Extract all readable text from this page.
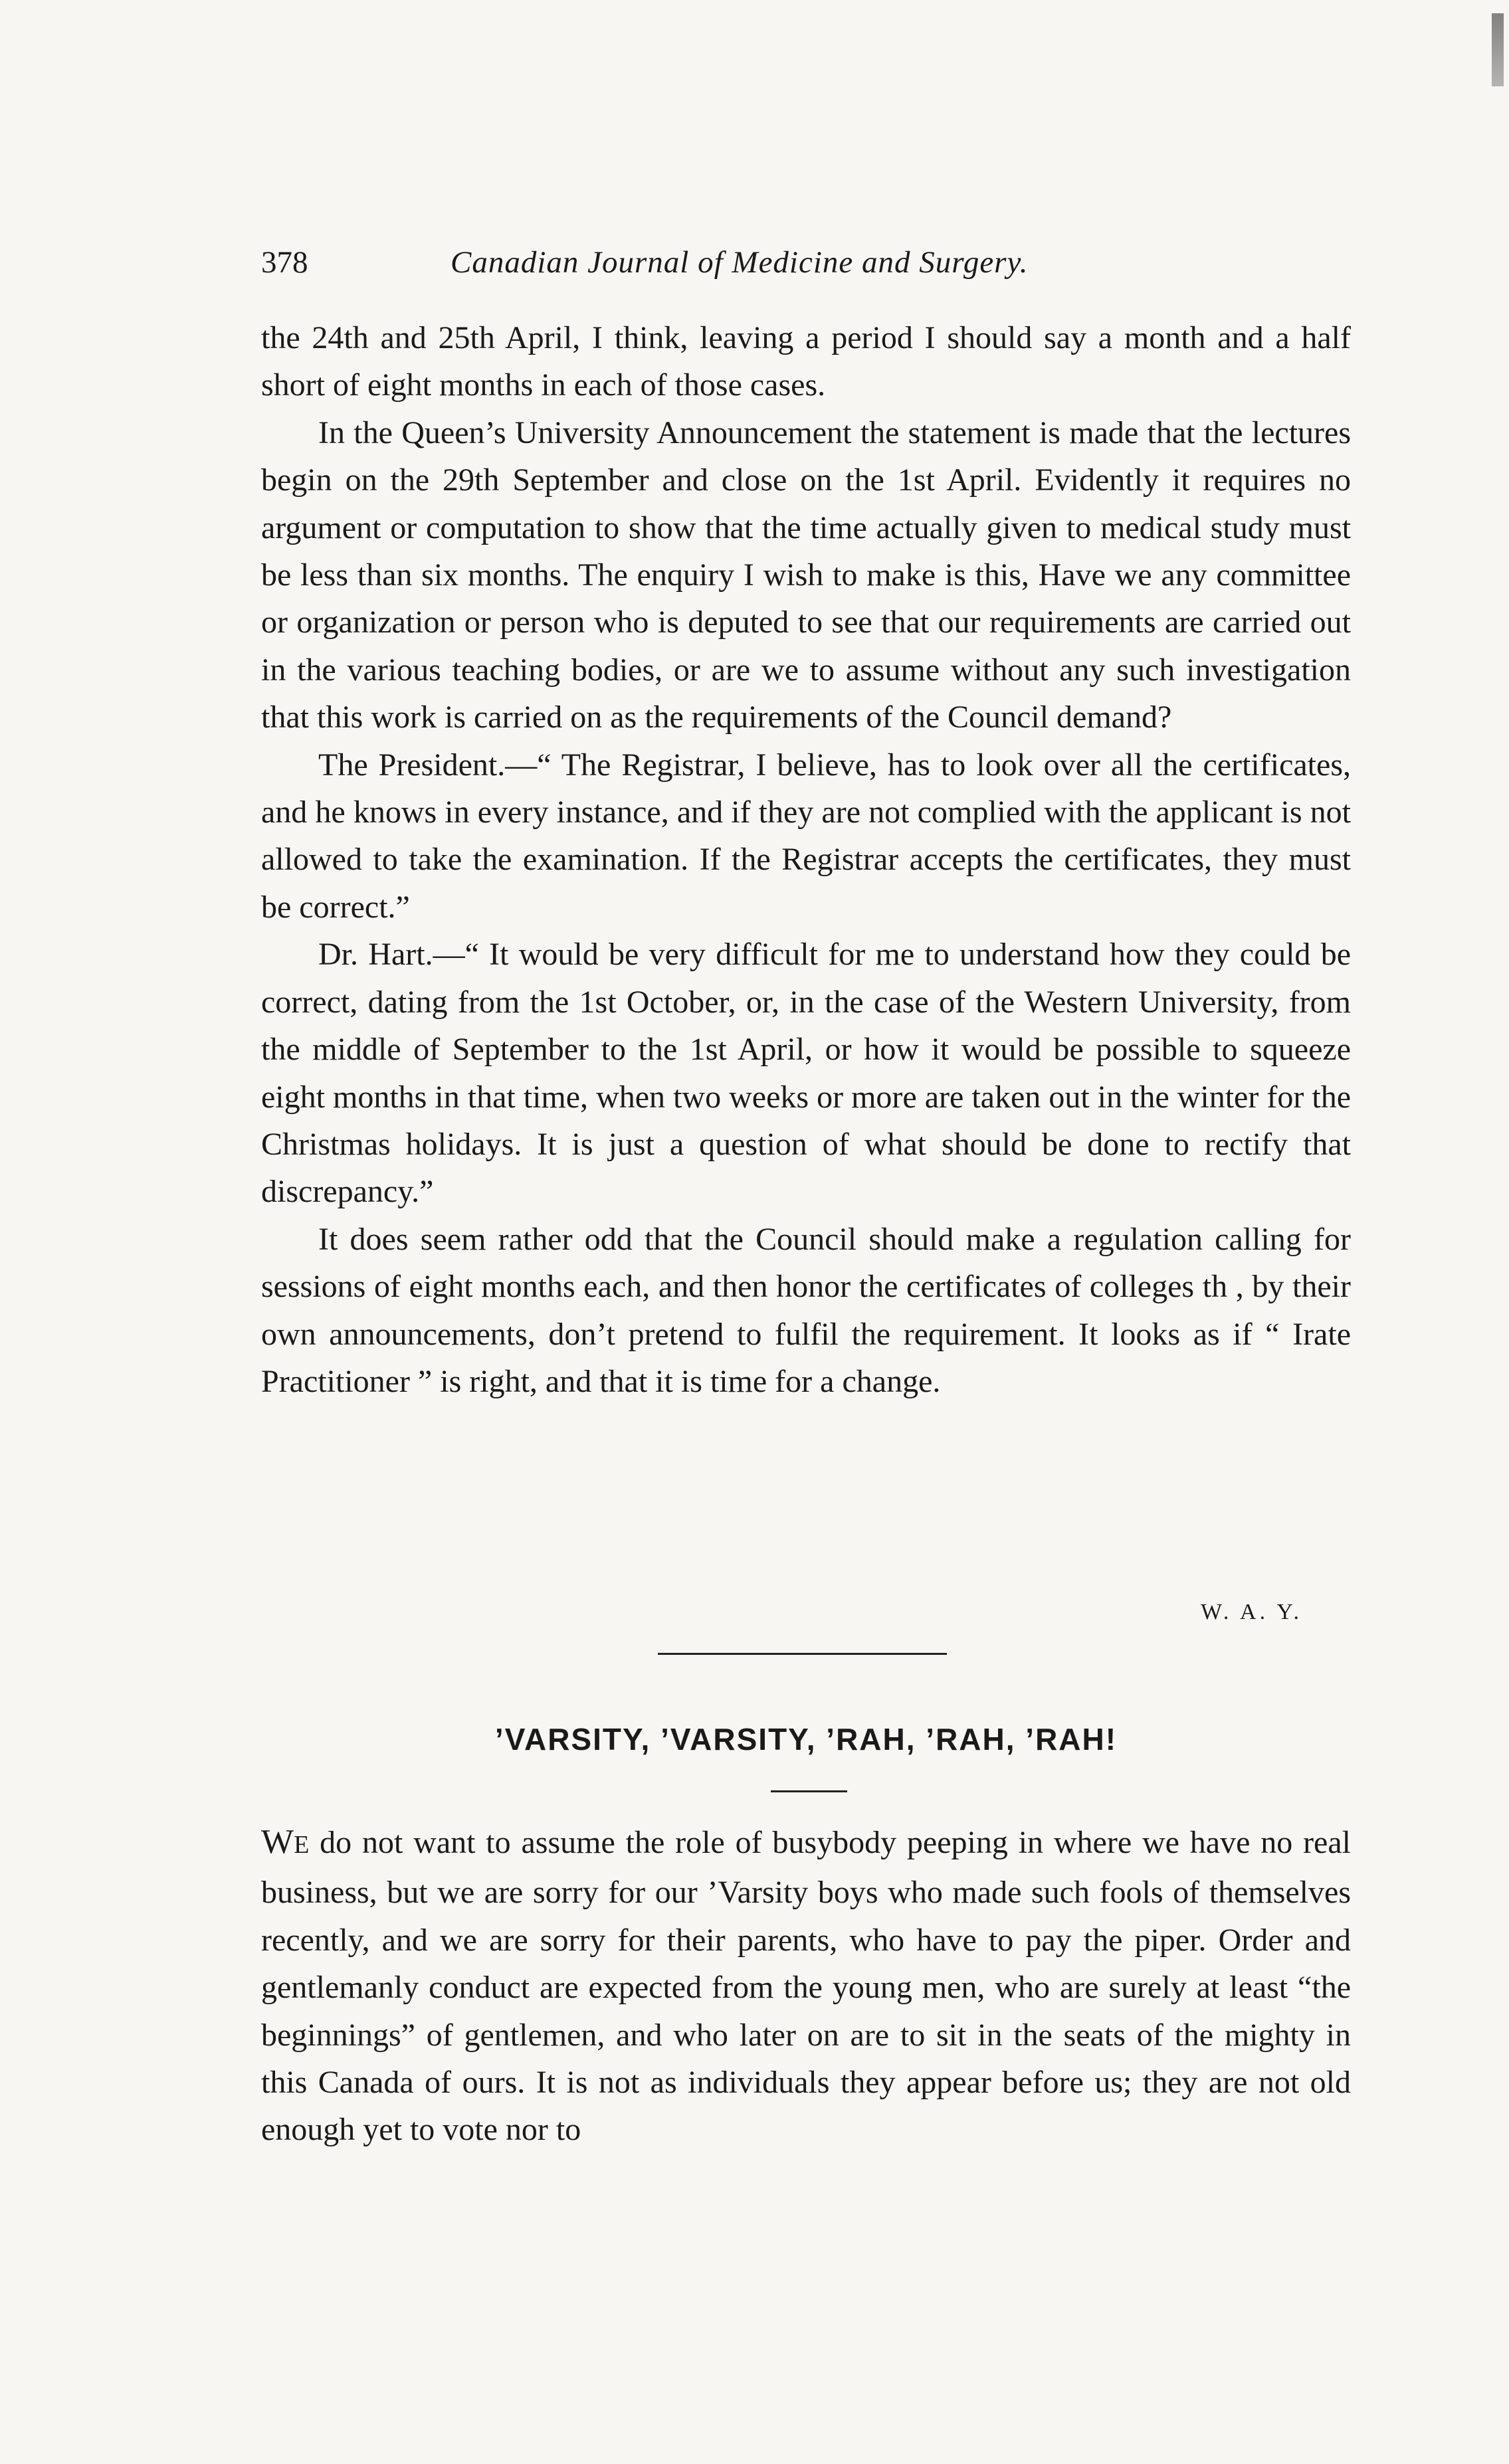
378	Canadian Journal of Medicine and Surgery.

the 24th and 25th April, I think, leaving a period I should say a month and a half short of eight months in each of those cases.

In the Queen’s University Announcement the statement is made that the lectures begin on the 29th September and close on the 1st April. Evidently it requires no argument or computation to show that the time actually given to medical study must be less than six months. The enquiry I wish to make is this, Have we any committee or organization or person who is deputed to see that our requirements are carried out in the various teaching bodies, or are we to assume without any such investigation that this work is carried on as the requirements of the Council demand?

The President.—“ The Registrar, I believe, has to look over all the certificates, and he knows in every instance, and if they are not complied with the applicant is not allowed to take the examination. If the Registrar accepts the certificates, they must be correct.”

Dr. Hart.—“ It would be very difficult for me to understand how they could be correct, dating from the 1st October, or, in the case of the Western University, from the middle of September to the 1st April, or how it would be possible to squeeze eight months in that time, when two weeks or more are taken out in the winter for the Christmas holidays. It is just a question of what should be done to rectify that discrepancy.”

It does seem rather odd that the Council should make a regulation calling for sessions of eight months each, and then honor the certificates of colleges th , by their own announcements, don’t pretend to fulfil the requirement. It looks as if “ Irate Practitioner ” is right, and that it is time for a change.

W. A. Y.
’VARSITY, ’VARSITY, ’RAH, ’RAH, ’RAH!

WE do not want to assume the role of busybody peeping in where we have no real business, but we are sorry for our ’Varsity boys who made such fools of themselves recently, and we are sorry for their parents, who have to pay the piper. Order and gentlemanly conduct are expected from the young men, who are surely at least “the beginnings” of gentlemen, and who later on are to sit in the seats of the mighty in this Canada of ours. It is not as individuals they appear before us; they are not old enough yet to vote nor to
